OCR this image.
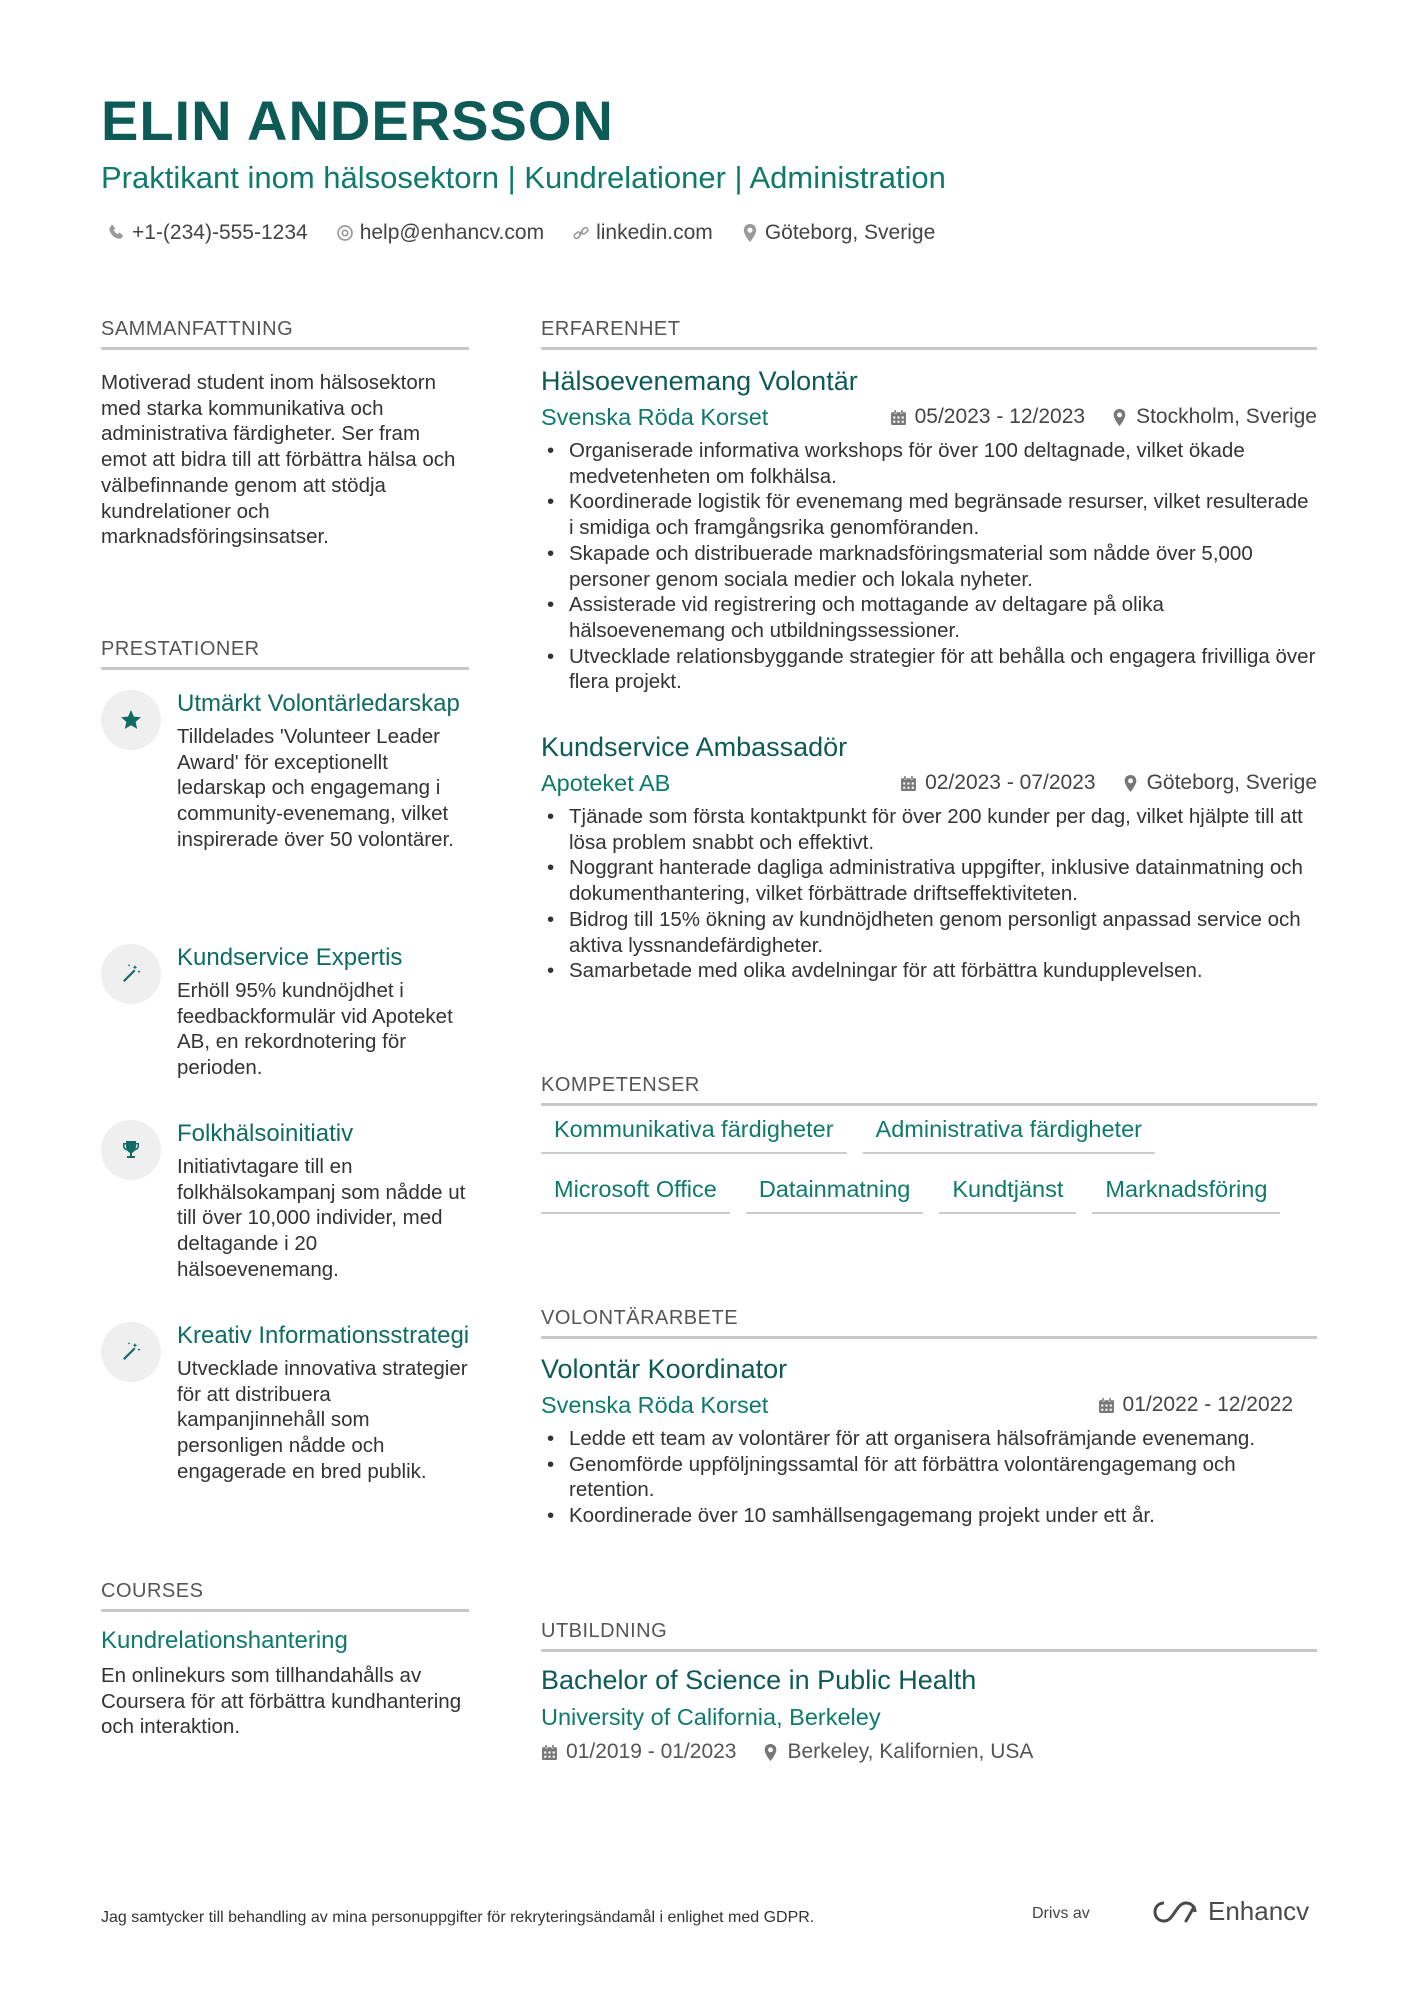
ELIN ANDERSSON
Praktikant inom hälsosektorn | Kundrelationer | Administration
+1-(234)-555-1234 help@enhancv.com linkedin.com Göteborg, Sverige
SAMMANFATTNING

Motiverad student inom hälsosektorn med starka kommunikativa och administrativa färdigheter. Ser fram emot att bidra till att förbättra hälsa och välbefinnande genom att stödja kundrelationer och marknadsföringsinsatser.

PRESTATIONER
Utmärkt Volontärledarskap
Tilldelades 'Volunteer Leader Award' för exceptionellt ledarskap och engagemang i community-evenemang, vilket inspirerade över 50 volontärer.
Kundservice Expertis
Erhöll 95% kundnöjdhet i feedbackformulär vid Apoteket AB, en rekordnotering för perioden.
Folkhälsoinitiativ
Initiativtagare till en folkhälsokampanj som nådde ut till över 10,000 individer, med deltagande i 20 hälsoevenemang.
Kreativ Informationsstrategi
Utvecklade innovativa strategier för att distribuera kampanjinnehåll som personligen nådde och engagerade en bred publik.
COURSES
Kundrelationshantering

En onlinekurs som tillhandahålls av Coursera för att förbättra kundhantering och interaktion.

ERFARENHET
Hälsoevenemang Volontär
Svenska Röda Korset	05/2023 - 12/2023 Stockholm, Sverige
• Organiserade informativa workshops för över 100 deltagnade, vilket ökade medvetenheten om folkhälsa.
• Koordinerade logistik för evenemang med begränsade resurser, vilket resulterade i smidiga och framgångsrika genomföranden.
• Skapade och distribuerade marknadsföringsmaterial som nådde över 5,000 personer genom sociala medier och lokala nyheter.
• Assisterade vid registrering och mottagande av deltagare på olika hälsoevenemang och utbildningssessioner.
• Utvecklade relationsbyggande strategier för att behålla och engagera frivilliga över flera projekt.
Kundservice Ambassadör
Apoteket AB	02/2023 - 07/2023 Göteborg, Sverige
• Tjänade som första kontaktpunkt för över 200 kunder per dag, vilket hjälpte till att lösa problem snabbt och effektivt.
• Noggrant hanterade dagliga administrativa uppgifter, inklusive datainmatning och dokumenthantering, vilket förbättrade driftseffektiviteten.
• Bidrog till 15% ökning av kundnöjdheten genom personligt anpassad service och aktiva lyssnandefärdigheter.
• Samarbetade med olika avdelningar för att förbättra kundupplevelsen.
KOMPETENSER
Kommunikativa färdigheter	Administrativa färdigheter
Microsoft Office	Datainmatning	Kundtjänst	Marknadsföring
VOLONTÄRARBETE
Volontär Koordinator
Svenska Röda Korset	01/2022 - 12/2022
• Ledde ett team av volontärer för att organisera hälsofrämjande evenemang.
• Genomförde uppföljningssamtal för att förbättra volontärengagemang och retention.
• Koordinerade över 10 samhällsengagemang projekt under ett år.
UTBILDNING
Bachelor of Science in Public Health
University of California, Berkeley
01/2019 - 01/2023 Berkeley, Kalifornien, USA
Jag samtycker till behandling av mina personuppgifter för rekryteringsändamål i enlighet med GDPR.	Drivs av	Enhancv
